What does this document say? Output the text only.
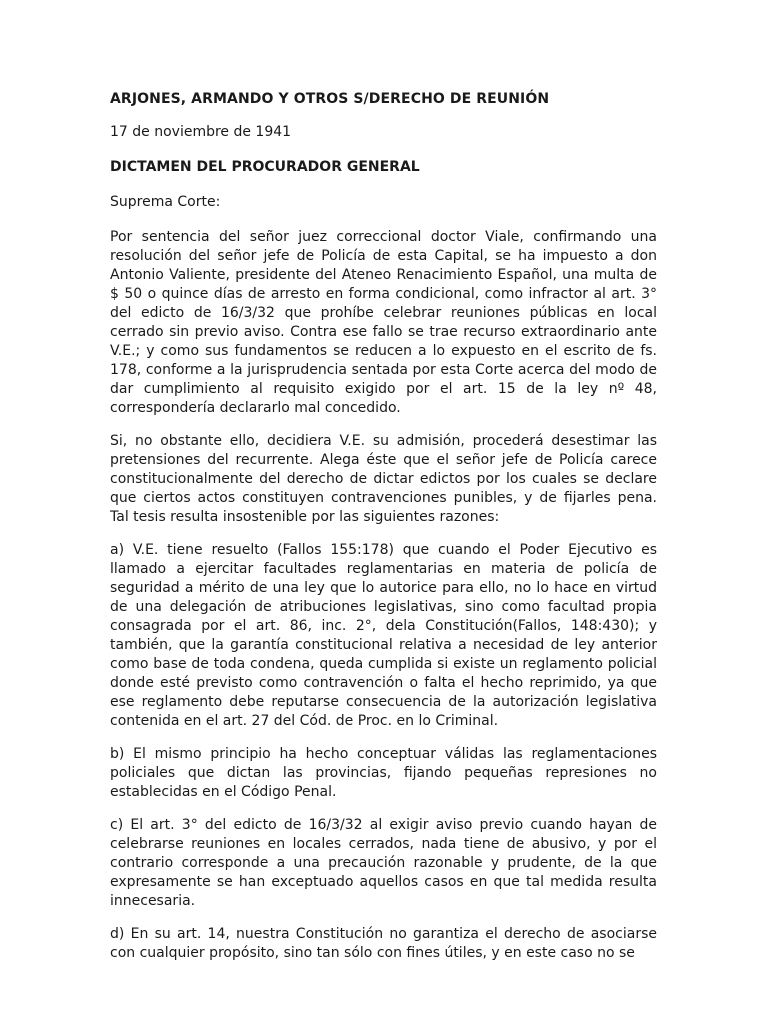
ARJONES, ARMANDO Y OTROS S/DERECHO DE REUNIÓN
17 de noviembre de 1941
DICTAMEN DEL PROCURADOR GENERAL
Suprema Corte:

Por sentencia del señor juez correccional doctor Viale, confirmando una resolución del señor jefe de Policía de esta Capital, se ha impuesto a don Antonio Valiente, presidente del Ateneo Renacimiento Español, una multa de $ 50 o quince días de arresto en forma condicional, como infractor al art. 3° del edicto de 16/3/32 que prohíbe celebrar reuniones públicas en local cerrado sin previo aviso. Contra ese fallo se trae recurso extraordinario ante V.E.; y como sus fundamentos se reducen a lo expuesto en el escrito de fs. 178, conforme a la jurisprudencia sentada por esta Corte acerca del modo de dar cumplimiento al requisito exigido por el art. 15 de la ley nº 48, correspondería declararlo mal concedido.

Si, no obstante ello, decidiera V.E. su admisión, procederá desestimar las pretensiones del recurrente. Alega éste que el señor jefe de Policía carece constitucionalmente del derecho de dictar edictos por los cuales se declare que ciertos actos constituyen contravenciones punibles, y de fijarles pena. Tal tesis resulta insostenible por las siguientes razones:

a) V.E. tiene resuelto (Fallos 155:178) que cuando el Poder Ejecutivo es llamado a ejercitar facultades reglamentarias en materia de policía de seguridad a mérito de una ley que lo autorice para ello, no lo hace en virtud de una delegación de atribuciones legislativas, sino como facultad propia consagrada por el art. 86, inc. 2°, dela Constitución(Fallos, 148:430); y también, que la garantía constitucional relativa a necesidad de ley anterior como base de toda condena, queda cumplida si existe un reglamento policial donde esté previsto como contravención o falta el hecho reprimido, ya que ese reglamento debe reputarse consecuencia de la autorización legislativa contenida en el art. 27 del Cód. de Proc. en lo Criminal.

b) El mismo principio ha hecho conceptuar válidas las reglamentaciones policiales que dictan las provincias, fijando pequeñas represiones no establecidas en el Código Penal.

c) El art. 3° del edicto de 16/3/32 al exigir aviso previo cuando hayan de celebrarse reuniones en locales cerrados, nada tiene de abusivo, y por el contrario corresponde a una precaución razonable y prudente, de la que expresamente se han exceptuado aquellos casos en que tal medida resulta innecesaria.

d) En su art. 14, nuestra Constitución no garantiza el derecho de asociarse con cualquier propósito, sino tan sólo con fines útiles, y en este caso no se
